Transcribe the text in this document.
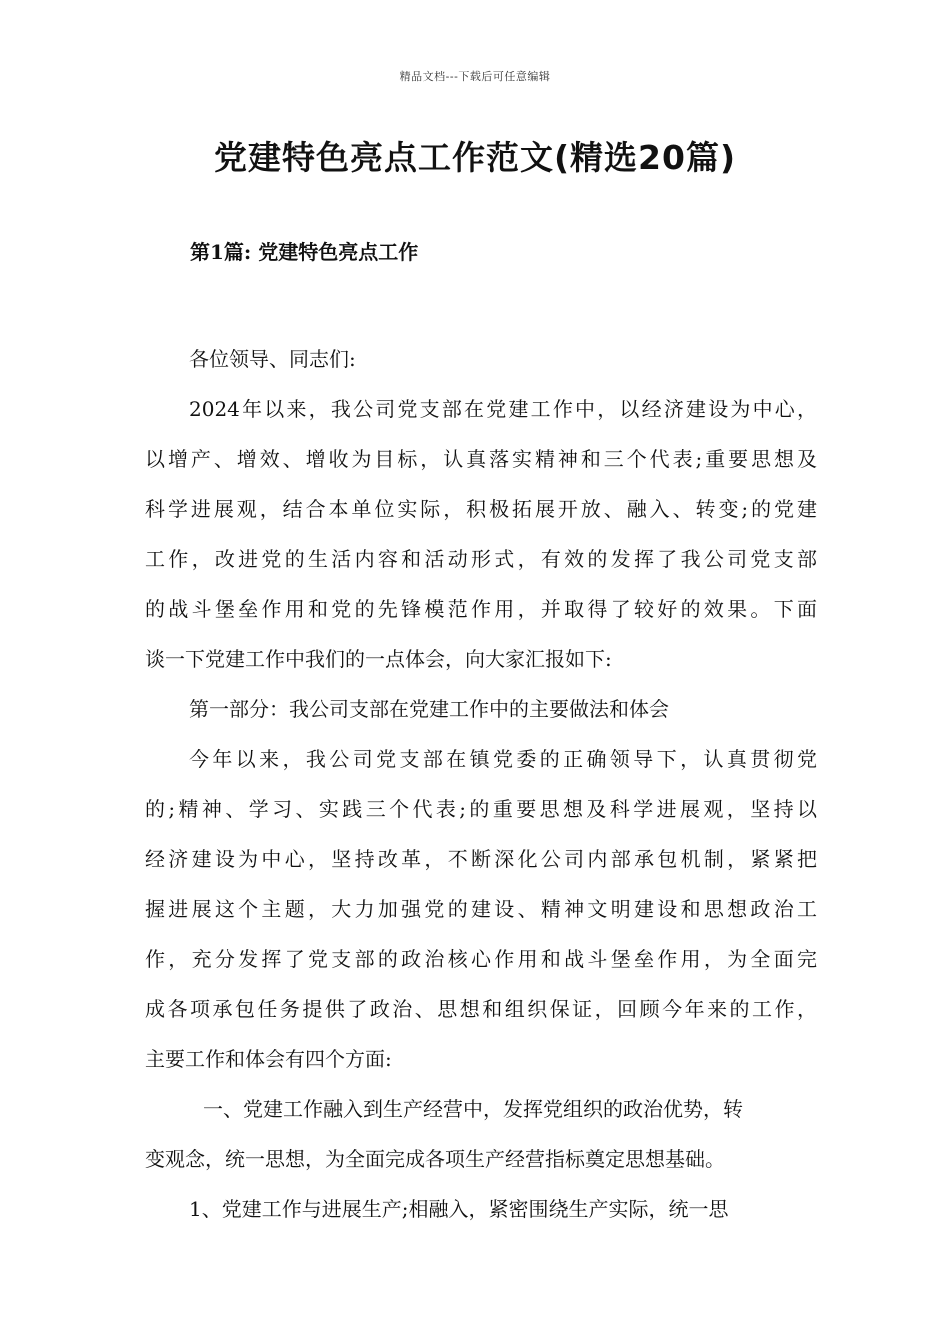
精品文档---下载后可任意编辑
党建特色亮点工作范文(精选20篇)
第1篇: 党建特色亮点工作

各位领导、同志们:

2024年以来，我公司党支部在党建工作中，以经济建设为中心，

以增产、增效、增收为目标，认真落实精神和三个代表;重要思想及

科学进展观，结合本单位实际，积极拓展开放、融入、转变;的党建

工作，改进党的生活内容和活动形式，有效的发挥了我公司党支部

的战斗堡垒作用和党的先锋模范作用，并取得了较好的效果。下面

谈一下党建工作中我们的一点体会，向大家汇报如下:

第一部分：我公司支部在党建工作中的主要做法和体会

今年以来，我公司党支部在镇党委的正确领导下，认真贯彻党

的;精神、学习、实践三个代表;的重要思想及科学进展观，坚持以

经济建设为中心，坚持改革，不断深化公司内部承包机制，紧紧把

握进展这个主题，大力加强党的建设、精神文明建设和思想政治工

作，充分发挥了党支部的政治核心作用和战斗堡垒作用，为全面完

成各项承包任务提供了政治、思想和组织保证，回顾今年来的工作，

主要工作和体会有四个方面:

一、党建工作融入到生产经营中，发挥党组织的政治优势，转

变观念，统一思想，为全面完成各项生产经营指标奠定思想基础。

1、党建工作与进展生产;相融入，紧密围绕生产实际，统一思
